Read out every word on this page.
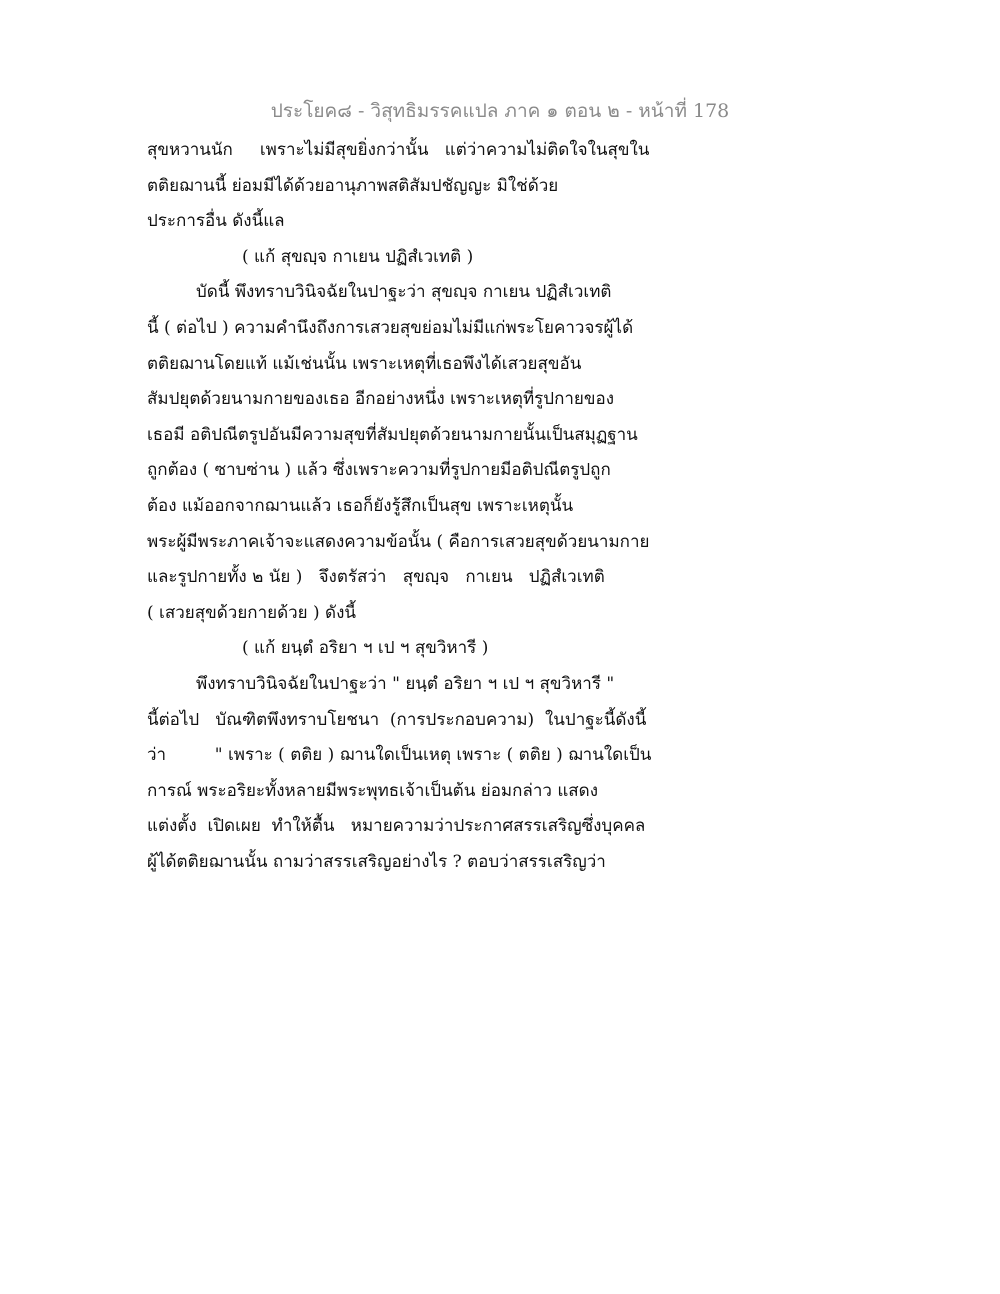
ประโยค๘ - วิสุทธิมรรคแปล ภาค ๑ ตอน ๒ - หน้าที่ 178
สุขหวานนัก     เพราะไม่มีสุขยิ่งกว่านั้น   แต่ว่าความไม่ติดใจในสุขใน
ตติยฌานนี้ ย่อมมีได้ด้วยอานุภาพสติสัมปชัญญะ มิใช่ด้วย
ประการอื่น ดังนี้แล
( แก้ สุขญฺจ กาเยน ปฏิสํเวเทติ )
บัดนี้ พึงทราบวินิจฉัยในปาฐะว่า สุขญฺจ กาเยน ปฏิสํเวเทติ
นี้ ( ต่อไป ) ความคำนึงถึงการเสวยสุขย่อมไม่มีแก่พระโยคาวจรผู้ได้
ตติยฌานโดยแท้ แม้เช่นนั้น เพราะเหตุที่เธอพึงได้เสวยสุขอัน
สัมปยุตด้วยนามกายของเธอ อีกอย่างหนึ่ง เพราะเหตุที่รูปกายของ
เธอมี อติปณีตรูปอันมีความสุขที่สัมปยุตด้วยนามกายนั้นเป็นสมุฏฐาน
ถูกต้อง ( ซาบซ่าน ) แล้ว ซึ่งเพราะความที่รูปกายมีอติปณีตรูปถูก
ต้อง แม้ออกจากฌานแล้ว เธอก็ยังรู้สึกเป็นสุข เพราะเหตุนั้น
พระผู้มีพระภาคเจ้าจะแสดงความข้อนั้น ( คือการเสวยสุขด้วยนามกาย
และรูปกายทั้ง ๒ นัย )   จึงตรัสว่า   สุขญฺจ   กาเยน   ปฏิสํเวเทติ
( เสวยสุขด้วยกายด้วย ) ดังนี้
( แก้ ยนฺตํ อริยา ฯ เป ฯ สุขวิหารี )
พึงทราบวินิจฉัยในปาฐะว่า " ยนฺตํ อริยา ฯ เป ฯ สุขวิหารี "
นี้ต่อไป   บัณฑิตพึงทราบโยชนา  (การประกอบความ)  ในปาฐะนี้ดังนี้
ว่า         " เพราะ ( ตติย ) ฌานใดเป็นเหตุ เพราะ ( ตติย ) ฌานใดเป็น
การณ์ พระอริยะทั้งหลายมีพระพุทธเจ้าเป็นต้น ย่อมกล่าว แสดง
แต่งตั้ง  เปิดเผย  ทำให้ตื้น   หมายความว่าประกาศสรรเสริญซึ่งบุคคล
ผู้ได้ตติยฌานนั้น ถามว่าสรรเสริญอย่างไร ? ตอบว่าสรรเสริญว่า
